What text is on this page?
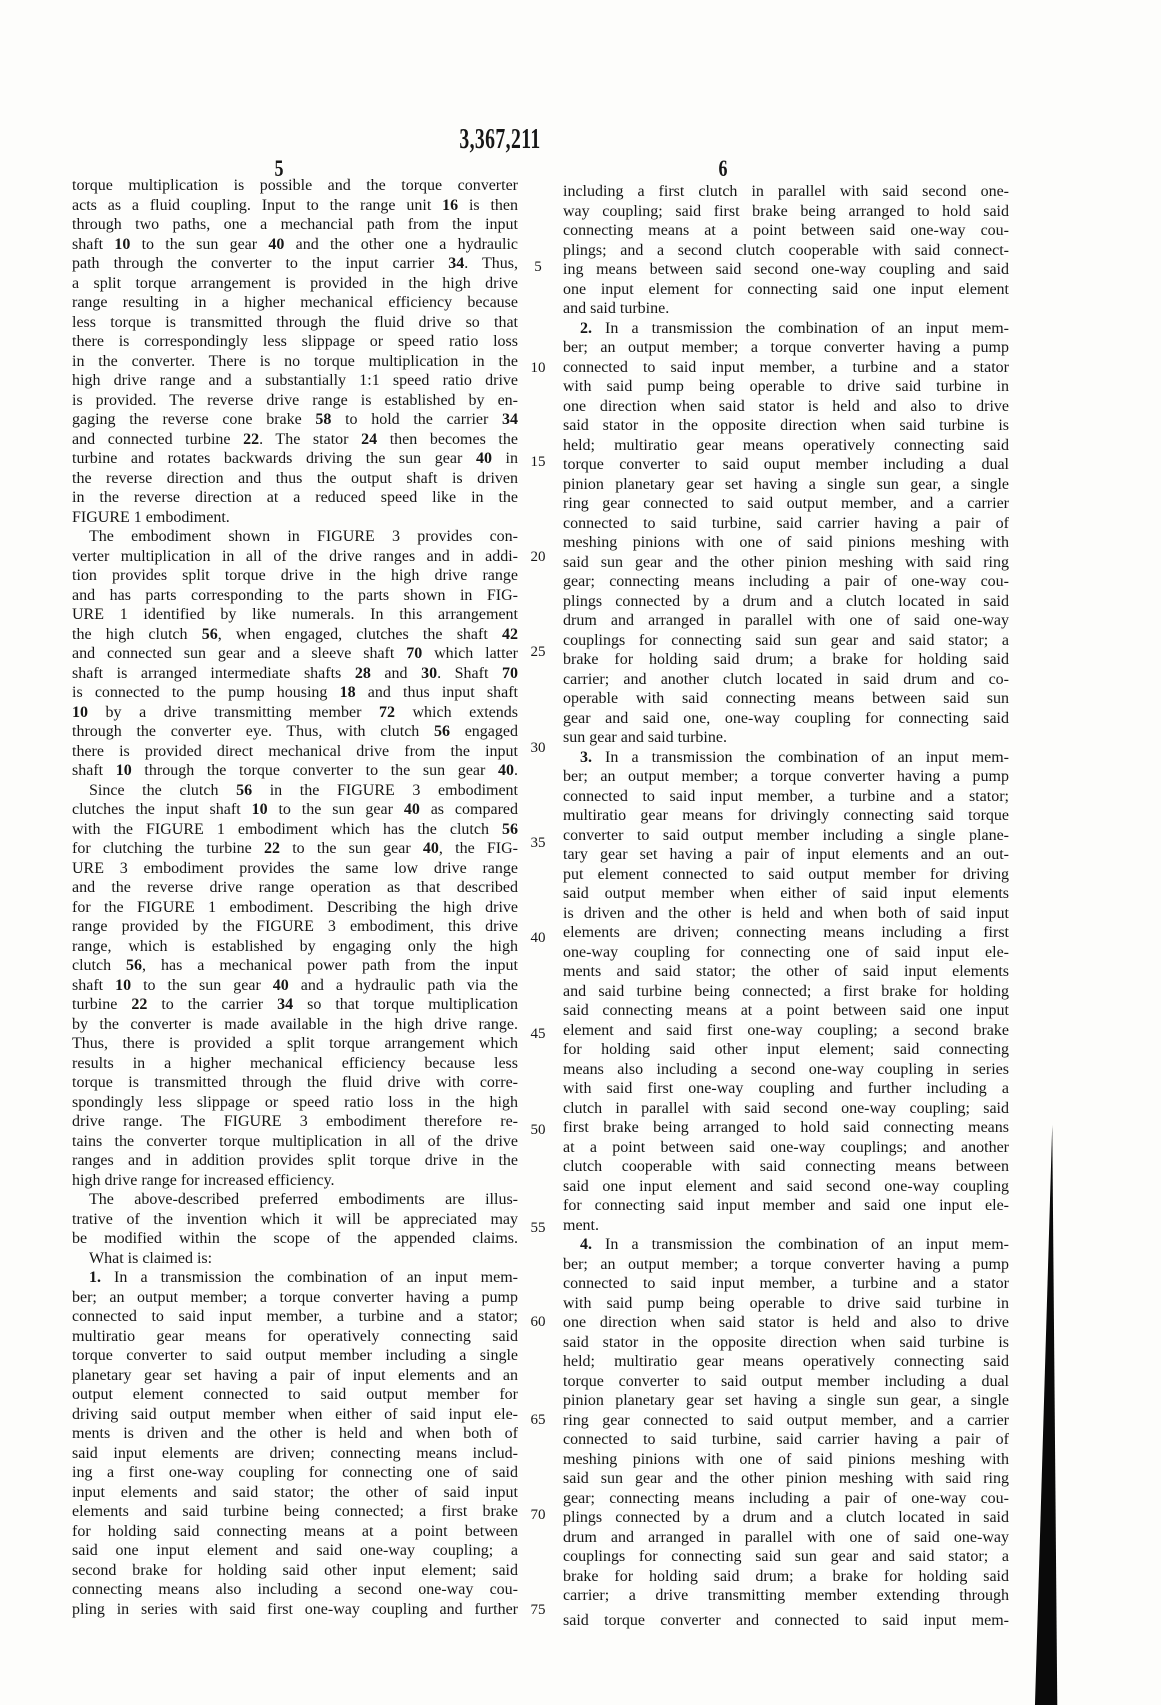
3,367,211
5	6
5
10
15
20
25
30
35
40
45
50
55
60
65
70
75
torque multiplication is possible and the torque converter
acts as a fluid coupling. Input to the range unit 16 is then
through two paths, one a mechancial path from the input
shaft 10 to the sun gear 40 and the other one a hydraulic
path through the converter to the input carrier 34. Thus,
a split torque arrangement is provided in the high drive
range resulting in a higher mechanical efficiency because
less torque is transmitted through the fluid drive so that
there is correspondingly less slippage or speed ratio loss
in the converter. There is no torque multiplication in the
high drive range and a substantially 1:1 speed ratio drive
is provided. The reverse drive range is established by en-
gaging the reverse cone brake 58 to hold the carrier 34
and connected turbine 22. The stator 24 then becomes the
turbine and rotates backwards driving the sun gear 40 in
the reverse direction and thus the output shaft is driven
in the reverse direction at a reduced speed like in the
FIGURE 1 embodiment.
The embodiment shown in FIGURE 3 provides con-
verter multiplication in all of the drive ranges and in addi-
tion provides split torque drive in the high drive range
and has parts corresponding to the parts shown in FIG-
URE 1 identified by like numerals. In this arrangement
the high clutch 56, when engaged, clutches the shaft 42
and connected sun gear and a sleeve shaft 70 which latter
shaft is arranged intermediate shafts 28 and 30. Shaft 70
is connected to the pump housing 18 and thus input shaft
10 by a drive transmitting member 72 which extends
through the converter eye. Thus, with clutch 56 engaged
there is provided direct mechanical drive from the input
shaft 10 through the torque converter to the sun gear 40.
Since the clutch 56 in the FIGURE 3 embodiment
clutches the input shaft 10 to the sun gear 40 as compared
with the FIGURE 1 embodiment which has the clutch 56
for clutching the turbine 22 to the sun gear 40, the FIG-
URE 3 embodiment provides the same low drive range
and the reverse drive range operation as that described
for the FIGURE 1 embodiment. Describing the high drive
range provided by the FIGURE 3 embodiment, this drive
range, which is established by engaging only the high
clutch 56, has a mechanical power path from the input
shaft 10 to the sun gear 40 and a hydraulic path via the
turbine 22 to the carrier 34 so that torque multiplication
by the converter is made available in the high drive range.
Thus, there is provided a split torque arrangement which
results in a higher mechanical efficiency because less
torque is transmitted through the fluid drive with corre-
spondingly less slippage or speed ratio loss in the high
drive range. The FIGURE 3 embodiment therefore re-
tains the converter torque multiplication in all of the drive
ranges and in addition provides split torque drive in the
high drive range for increased efficiency.
The above-described preferred embodiments are illus-
trative of the invention which it will be appreciated may
be modified within the scope of the appended claims.
What is claimed is:
1. In a transmission the combination of an input mem-
ber; an output member; a torque converter having a pump
connected to said input member, a turbine and a stator;
multiratio gear means for operatively connecting said
torque converter to said output member including a single
planetary gear set having a pair of input elements and an
output element connected to said output member for
driving said output member when either of said input ele-
ments is driven and the other is held and when both of
said input elements are driven; connecting means includ-
ing a first one-way coupling for connecting one of said
input elements and said stator; the other of said input
elements and said turbine being connected; a first brake
for holding said connecting means at a point between
said one input element and said one-way coupling; a
second brake for holding said other input element; said
connecting means also including a second one-way cou-
pling in series with said first one-way coupling and further
including a first clutch in parallel with said second one-
way coupling; said first brake being arranged to hold said
connecting means at a point between said one-way cou-
plings; and a second clutch cooperable with said connect-
ing means between said second one-way coupling and said
one input element for connecting said one input element
and said turbine.
2. In a transmission the combination of an input mem-
ber; an output member; a torque converter having a pump
connected to said input member, a turbine and a stator
with said pump being operable to drive said turbine in
one direction when said stator is held and also to drive
said stator in the opposite direction when said turbine is
held; multiratio gear means operatively connecting said
torque converter to said ouput member including a dual
pinion planetary gear set having a single sun gear, a single
ring gear connected to said output member, and a carrier
connected to said turbine, said carrier having a pair of
meshing pinions with one of said pinions meshing with
said sun gear and the other pinion meshing with said ring
gear; connecting means including a pair of one-way cou-
plings connected by a drum and a clutch located in said
drum and arranged in parallel with one of said one-way
couplings for connecting said sun gear and said stator; a
brake for holding said drum; a brake for holding said
carrier; and another clutch located in said drum and co-
operable with said connecting means between said sun
gear and said one, one-way coupling for connecting said
sun gear and said turbine.
3. In a transmission the combination of an input mem-
ber; an output member; a torque converter having a pump
connected to said input member, a turbine and a stator;
multiratio gear means for drivingly connecting said torque
converter to said output member including a single plane-
tary gear set having a pair of input elements and an out-
put element connected to said output member for driving
said output member when either of said input elements
is driven and the other is held and when both of said input
elements are driven; connecting means including a first
one-way coupling for connecting one of said input ele-
ments and said stator; the other of said input elements
and said turbine being connected; a first brake for holding
said connecting means at a point between said one input
element and said first one-way coupling; a second brake
for holding said other input element; said connecting
means also including a second one-way coupling in series
with said first one-way coupling and further including a
clutch in parallel with said second one-way coupling; said
first brake being arranged to hold said connecting means
at a point between said one-way couplings; and another
clutch cooperable with said connecting means between
said one input element and said second one-way coupling
for connecting said input member and said one input ele-
ment.
4. In a transmission the combination of an input mem-
ber; an output member; a torque converter having a pump
connected to said input member, a turbine and a stator
with said pump being operable to drive said turbine in
one direction when said stator is held and also to drive
said stator in the opposite direction when said turbine is
held; multiratio gear means operatively connecting said
torque converter to said output member including a dual
pinion planetary gear set having a single sun gear, a single
ring gear connected to said output member, and a carrier
connected to said turbine, said carrier having a pair of
meshing pinions with one of said pinions meshing with
said sun gear and the other pinion meshing with said ring
gear; connecting means including a pair of one-way cou-
plings connected by a drum and a clutch located in said
drum and arranged in parallel with one of said one-way
couplings for connecting said sun gear and said stator; a
brake for holding said drum; a brake for holding said
carrier; a drive transmitting member extending through
said torque converter and connected to said input mem-
